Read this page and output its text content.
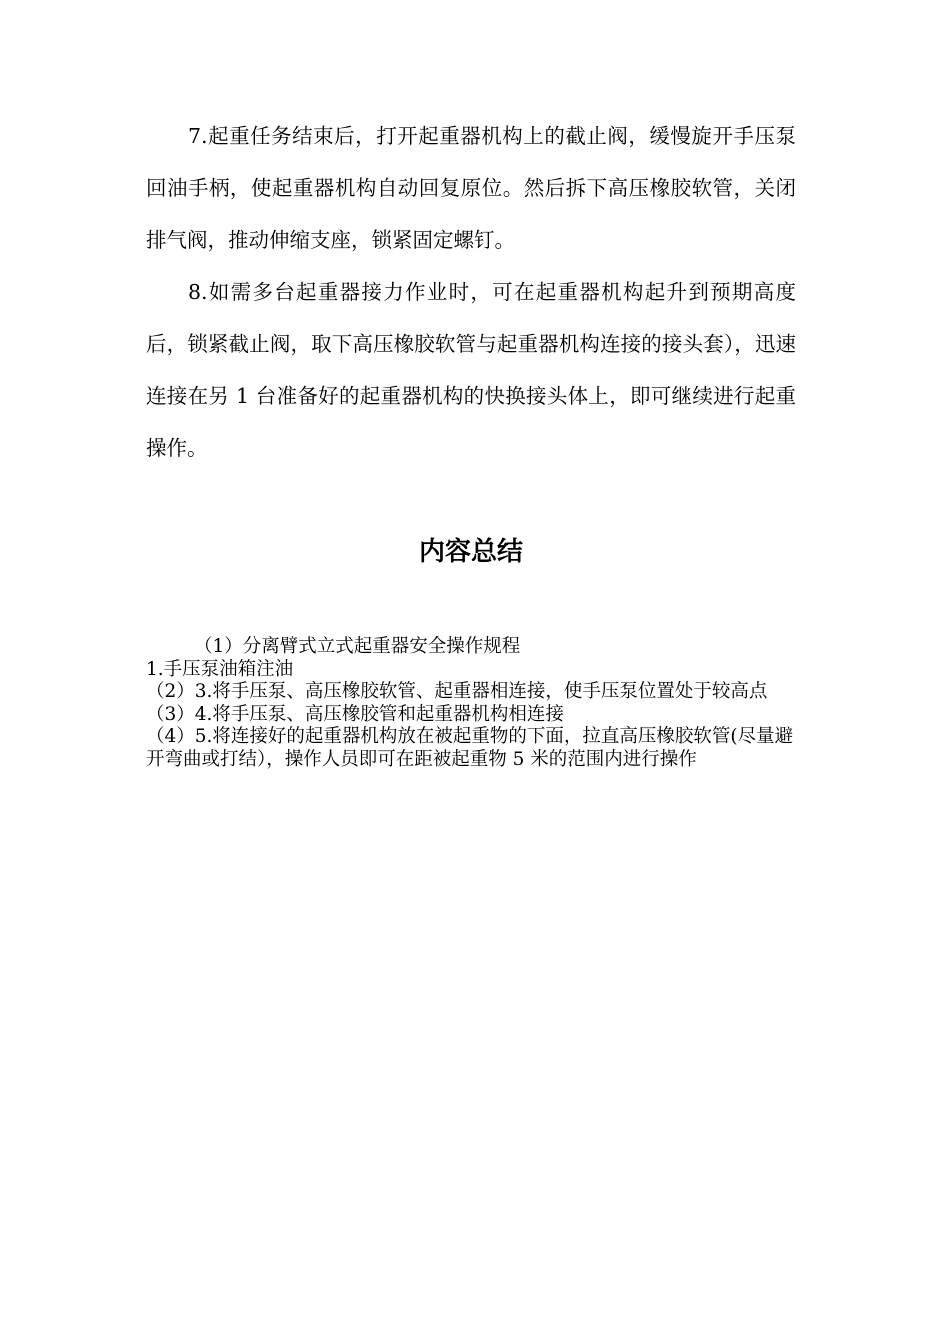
7.起重任务结束后，打开起重器机构上的截止阀，缓慢旋开手压泵回油手柄，使起重器机构自动回复原位。然后拆下高压橡胶软管，关闭排气阀，推动伸缩支座，锁紧固定螺钉。

8.如需多台起重器接力作业时，可在起重器机构起升到预期高度后，锁紧截止阀，取下高压橡胶软管与起重器机构连接的接头套），迅速连接在另 1 台准备好的起重器机构的快换接头体上，即可继续进行起重操作。

内容总结

（1）分离臂式立式起重器安全操作规程

1.手压泵油箱注油

（2）3.将手压泵、高压橡胶软管、起重器相连接，使手压泵位置处于较高点

（3）4.将手压泵、高压橡胶管和起重器机构相连接

（4）5.将连接好的起重器机构放在被起重物的下面，拉直高压橡胶软管(尽量避开弯曲或打结），操作人员即可在距被起重物 5 米的范围内进行操作
